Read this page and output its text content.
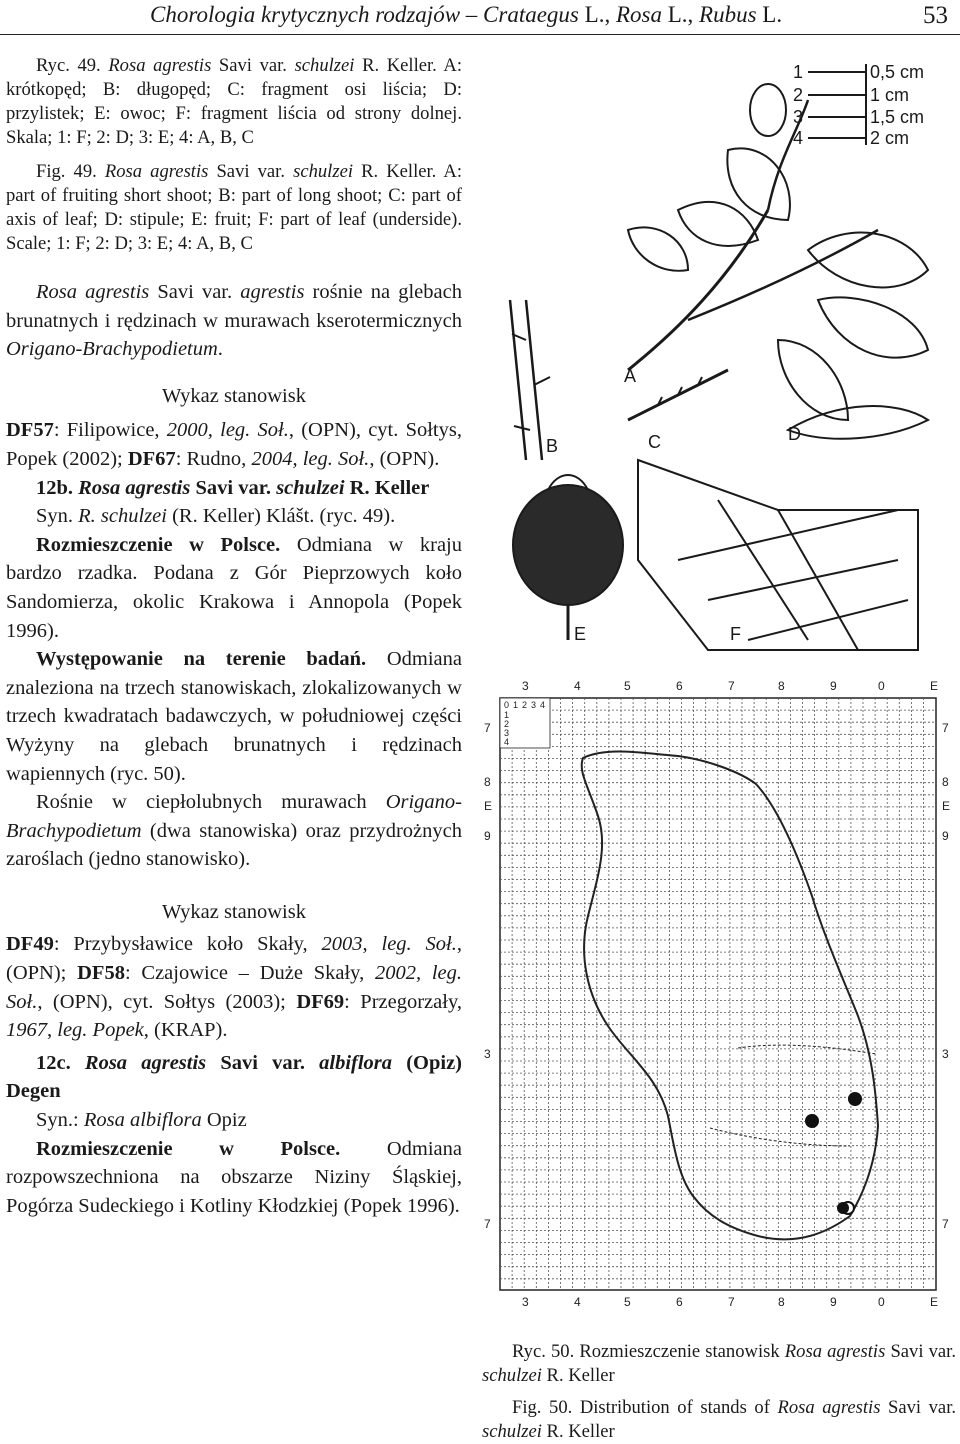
Chorologia krytycznych rodzajów – Crataegus L., Rosa L., Rubus L.	53

Ryc. 49. Rosa agrestis Savi var. schulzei R. Keller. A: krótkopęd; B: długopęd; C: fragment osi liścia; D: przylistek; E: owoc; F: fragment liścia od strony dolnej. Skala; 1: F; 2: D; 3: E; 4: A, B, C

Fig. 49. Rosa agrestis Savi var. schulzei R. Keller. A: part of fruiting short shoot; B: part of long shoot; C: part of axis of leaf; D: stipule; E: fruit; F: part of leaf (underside). Scale; 1: F; 2: D; 3: E; 4: A, B, C

Rosa agrestis Savi var. agrestis rośnie na glebach brunatnych i rędzinach w murawach kserotermicznych Origano-Brachypodietum.

Wykaz stanowisk

DF57: Filipowice, 2000, leg. Soł., (OPN), cyt. Sołtys, Popek (2002); DF67: Rudno, 2004, leg. Soł., (OPN).

12b. Rosa agrestis Savi var. schulzei R. Keller

Syn. R. schulzei (R. Keller) Klášt. (ryc. 49).

Rozmieszczenie w Polsce. Odmiana w kraju bardzo rzadka. Podana z Gór Pieprzowych koło Sandomierza, okolic Krakowa i Annopola (Popek 1996).

Występowanie na terenie badań. Odmiana znaleziona na trzech stanowiskach, zlokalizowanych w trzech kwadratach badawczych, w południowej części Wyżyny na glebach brunatnych i rędzinach wapiennych (ryc. 50).

Rośnie w ciepłolubnych murawach Origano-Brachypodietum (dwa stanowiska) oraz przydrożnych zaroślach (jedno stanowisko).

Wykaz stanowisk

DF49: Przybysławice koło Skały, 2003, leg. Soł., (OPN); DF58: Czajowice – Duże Skały, 2002, leg. Soł., (OPN), cyt. Sołtys (2003); DF69: Przegorzały, 1967, leg. Popek, (KRAP).

12c. Rosa agrestis Savi var. albiflora (Opiz) Degen

Syn.: Rosa albiflora Opiz

Rozmieszczenie w Polsce. Odmiana rozpowszechniona na obszarze Niziny Śląskiej, Pogórza Sudeckiego i Kotliny Kłodzkiej (Popek 1996).

1
2
3
4
0,5 cm
1 cm
1,5 cm
2 cm
A
B	C	D
E	F
0 1 2 3 4
1
2
3
4
3	4	5	6	7	8	9	0	E
3	4	5	6	7	8	9	0	E
7
8
E
9
3
7
7
8
E
9
3
7

Ryc. 50. Rozmieszczenie stanowisk Rosa agrestis Savi var. schulzei R. Keller

Fig. 50. Distribution of stands of Rosa agrestis Savi var. schulzei R. Keller
